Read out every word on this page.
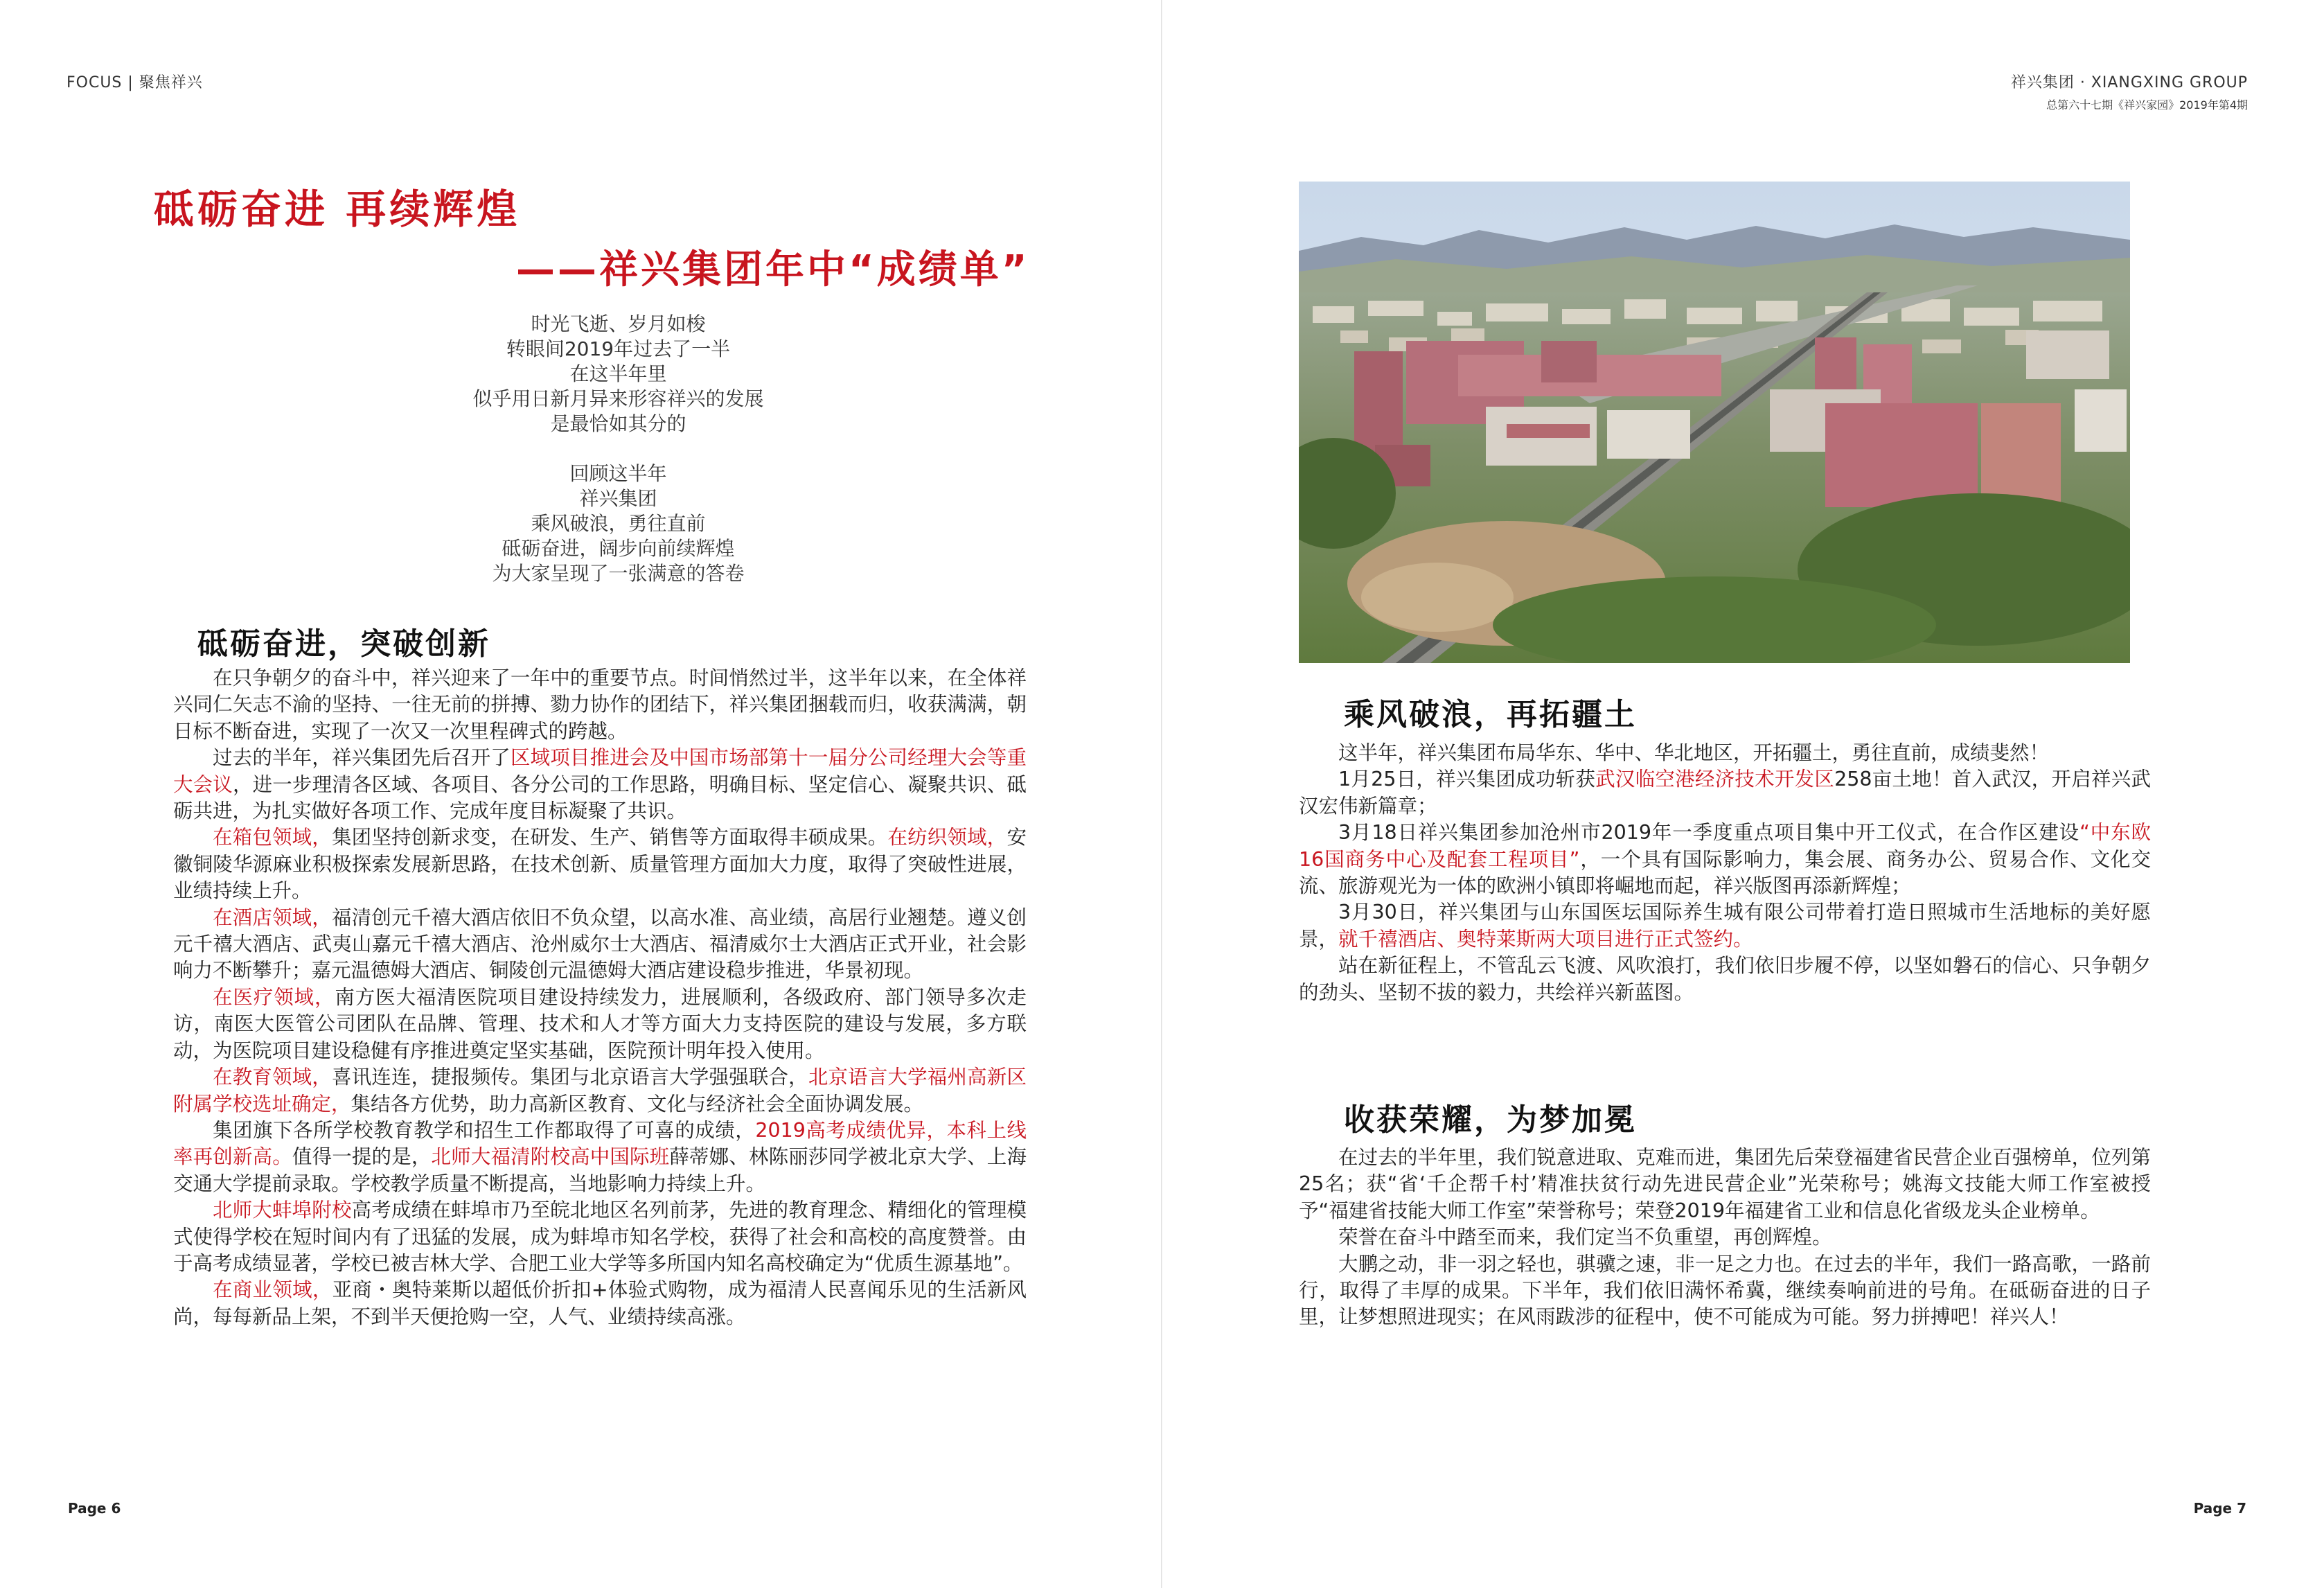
FOCUS | 聚焦祥兴
砥砺奋进 再续辉煌
——祥兴集团年中“成绩单”
时光飞逝、岁月如梭
转眼间2019年过去了一半
在这半年里
似乎用日新月异来形容祥兴的发展
是最恰如其分的
回顾这半年
祥兴集团
乘风破浪，勇往直前
砥砺奋进，阔步向前续辉煌
为大家呈现了一张满意的答卷
砥砺奋进，突破创新

在只争朝夕的奋斗中，祥兴迎来了一年中的重要节点。时间悄然过半，这半年以来，在全体祥兴同仁矢志不渝的坚持、一往无前的拼搏、勠力协作的团结下，祥兴集团捆载而归，收获满满，朝日标不断奋进，实现了一次又一次里程碑式的跨越。

过去的半年，祥兴集团先后召开了区域项目推进会及中国市场部第十一届分公司经理大会等重大会议，进一步理清各区域、各项目、各分公司的工作思路，明确目标、坚定信心、凝聚共识、砥砺共进，为扎实做好各项工作、完成年度目标凝聚了共识。

在箱包领域，集团坚持创新求变，在研发、生产、销售等方面取得丰硕成果。在纺织领域，安徽铜陵华源麻业积极探索发展新思路，在技术创新、质量管理方面加大力度，取得了突破性进展，业绩持续上升。

在酒店领域，福清创元千禧大酒店依旧不负众望，以高水准、高业绩，高居行业翘楚。遵义创元千禧大酒店、武夷山嘉元千禧大酒店、沧州威尔士大酒店、福清威尔士大酒店正式开业，社会影响力不断攀升；嘉元温德姆大酒店、铜陵创元温德姆大酒店建设稳步推进，华景初现。

在医疗领域，南方医大福清医院项目建设持续发力，进展顺利，各级政府、部门领导多次走访，南医大医管公司团队在品牌、管理、技术和人才等方面大力支持医院的建设与发展，多方联动，为医院项目建设稳健有序推进奠定坚实基础，医院预计明年投入使用。

在教育领域，喜讯连连，捷报频传。集团与北京语言大学强强联合，北京语言大学福州高新区附属学校选址确定，集结各方优势，助力高新区教育、文化与经济社会全面协调发展。

集团旗下各所学校教育教学和招生工作都取得了可喜的成绩，2019高考成绩优异，本科上线率再创新高。值得一提的是，北师大福清附校高中国际班薛蒂娜、林陈丽莎同学被北京大学、上海交通大学提前录取。学校教学质量不断提高，当地影响力持续上升。

北师大蚌埠附校高考成绩在蚌埠市乃至皖北地区名列前茅，先进的教育理念、精细化的管理模式使得学校在短时间内有了迅猛的发展，成为蚌埠市知名学校，获得了社会和高校的高度赞誉。由于高考成绩显著，学校已被吉林大学、合肥工业大学等多所国内知名高校确定为“优质生源基地”。

在商业领域，亚商・奥特莱斯以超低价折扣+体验式购物，成为福清人民喜闻乐见的生活新风尚，每每新品上架，不到半天便抢购一空，人气、业绩持续高涨。

Page 6
祥兴集团 · XIANGXING GROUP
总第六十七期《祥兴家园》2019年第4期
乘风破浪，再拓疆土

这半年，祥兴集团布局华东、华中、华北地区，开拓疆土，勇往直前，成绩斐然！

1月25日，祥兴集团成功斩获武汉临空港经济技术开发区258亩土地！首入武汉，开启祥兴武汉宏伟新篇章；

3月18日祥兴集团参加沧州市2019年一季度重点项目集中开工仪式，在合作区建设“中东欧16国商务中心及配套工程项目”，一个具有国际影响力，集会展、商务办公、贸易合作、文化交流、旅游观光为一体的欧洲小镇即将崛地而起，祥兴版图再添新辉煌；

3月30日，祥兴集团与山东国医坛国际养生城有限公司带着打造日照城市生活地标的美好愿景，就千禧酒店、奥特莱斯两大项目进行正式签约。

站在新征程上，不管乱云飞渡、风吹浪打，我们依旧步履不停，以坚如磐石的信心、只争朝夕的劲头、坚韧不拔的毅力，共绘祥兴新蓝图。

收获荣耀，为梦加冕

在过去的半年里，我们锐意进取、克难而进，集团先后荣登福建省民营企业百强榜单，位列第25名；获“省‘千企帮千村’精准扶贫行动先进民营企业”光荣称号；姚海文技能大师工作室被授予“福建省技能大师工作室”荣誉称号；荣登2019年福建省工业和信息化省级龙头企业榜单。

荣誉在奋斗中踏至而来，我们定当不负重望，再创辉煌。

大鹏之动，非一羽之轻也，骐骥之速，非一足之力也。在过去的半年，我们一路高歌，一路前行，取得了丰厚的成果。下半年，我们依旧满怀希冀，继续奏响前进的号角。在砥砺奋进的日子里，让梦想照进现实；在风雨跋涉的征程中，使不可能成为可能。努力拼搏吧！祥兴人！

Page 7
